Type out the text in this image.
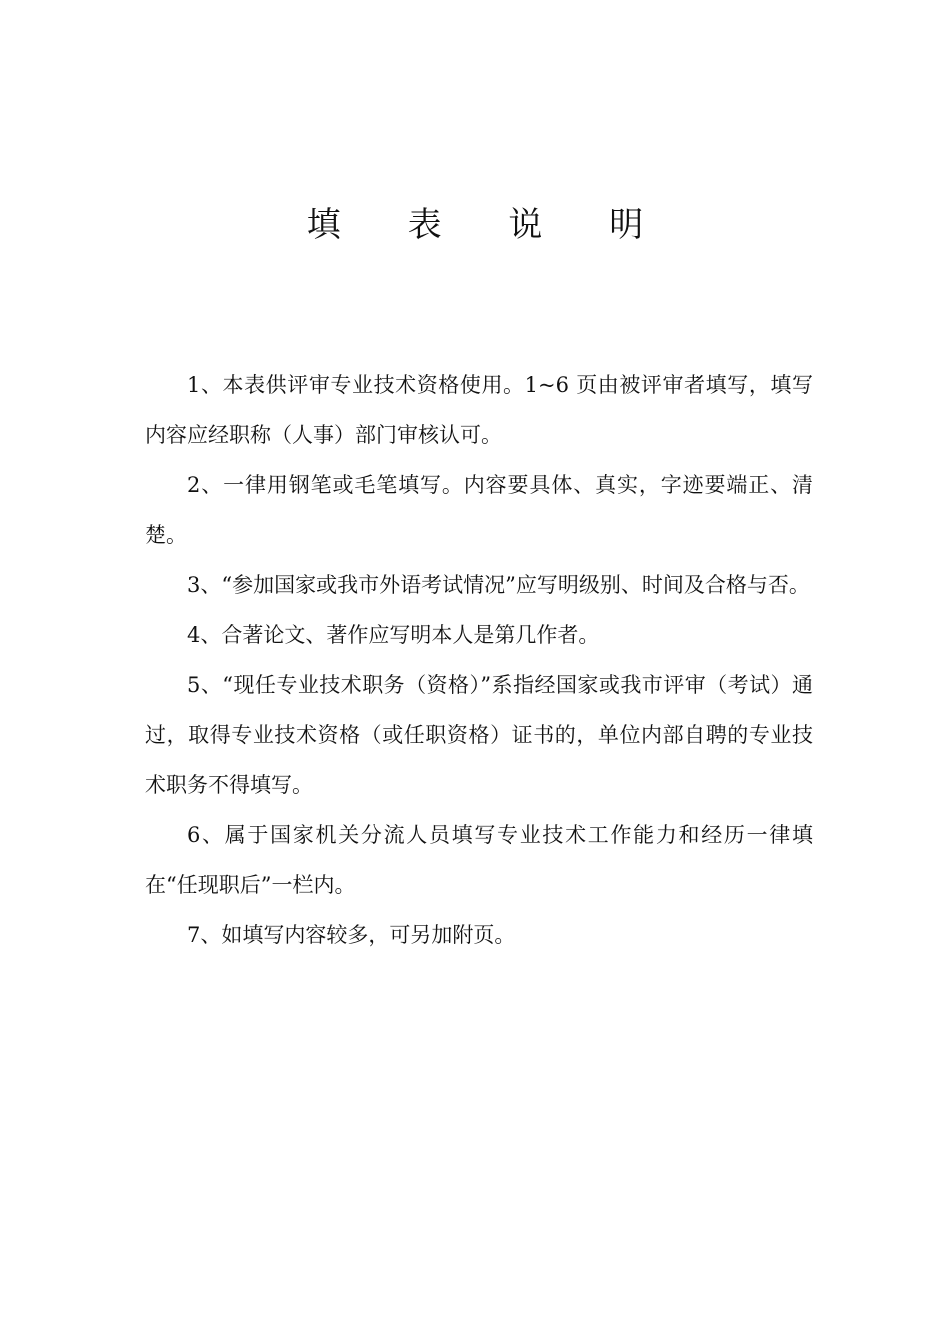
填 表 说 明

1、本表供评审专业技术资格使用。1~6 页由被评审者填写，填写内容应经职称（人事）部门审核认可。

2、一律用钢笔或毛笔填写。内容要具体、真实，字迹要端正、清楚。

3、“参加国家或我市外语考试情况”应写明级别、时间及合格与否。

4、合著论文、著作应写明本人是第几作者。

5、“现任专业技术职务（资格）”系指经国家或我市评审（考试）通过，取得专业技术资格（或任职资格）证书的，单位内部自聘的专业技术职务不得填写。

6、属于国家机关分流人员填写专业技术工作能力和经历一律填在“任现职后”一栏内。

7、如填写内容较多，可另加附页。
